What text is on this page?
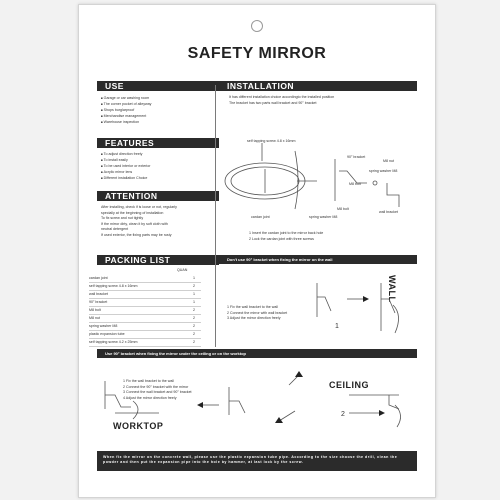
SAFETY MIRROR
USE
■ Garage or car washing room
■ The corner pocket of alleyway
■ Shops burglarproof
■ Merchandise management
■ Warehouse inspection
FEATURES
■ To adjust direction freely
■ To install easily
■ To be used interior or exterior
■ Acrylic mirror lens
■ Different installation Choice
ATTENTION
After installing, check if is loose or not, regularly
specially at the beginning of installation
To fix screw and nut tightly
If the mirror dirty, clean it by soft cloth with
neutral detergent
If used exterior, the fixing parts may be rusty
PACKING LIST
QUAN
cardan joint	1
self tapping screw 4.8 x 16mm	2
wall bracket	1
90° bracket	1
M8 bolt	2
M8 nut	2
spring washer M8	2
plastic expansion tube	2
self tapping screw 4.2 x 25mm	2
INSTALLATION
It has different installation choice accordingto the installed position
The bracket has two parts wall bracket and 90° bracket
self tapping screw 4.8 x 16mm
90° bracket
M8 nut
spring washer M8
M8 bolt
wall bracket
cardan joint	spring washer M8
M8 bolt
1 Insert the cardan joint to the mirror back hole
2 Lock the cardan joint with three screws
Don't use 90° bracket when fixing the mirror on the wall
WALL
1 Fix the wall bracket to the wall
2 Connect the mirror with wall bracket
3 Adjust the mirror direction freely
1
Use 90° bracket when fixing the mirror under the ceiling or on the worktop
1 Fix the wall bracket to the wall
2 Connect the 90° bracket with the mirror
3 Connect the wall bracket and 90° bracket
4 Adjust the mirror direction freely
CEILING
WORKTOP
2
When fix the mirror on the concrete wall, please use the plastic expansion tube pipe. According to the size choose the drill, clean the powder and then put the expansion pipe into the hole by hammer, at last lock by the screw.
